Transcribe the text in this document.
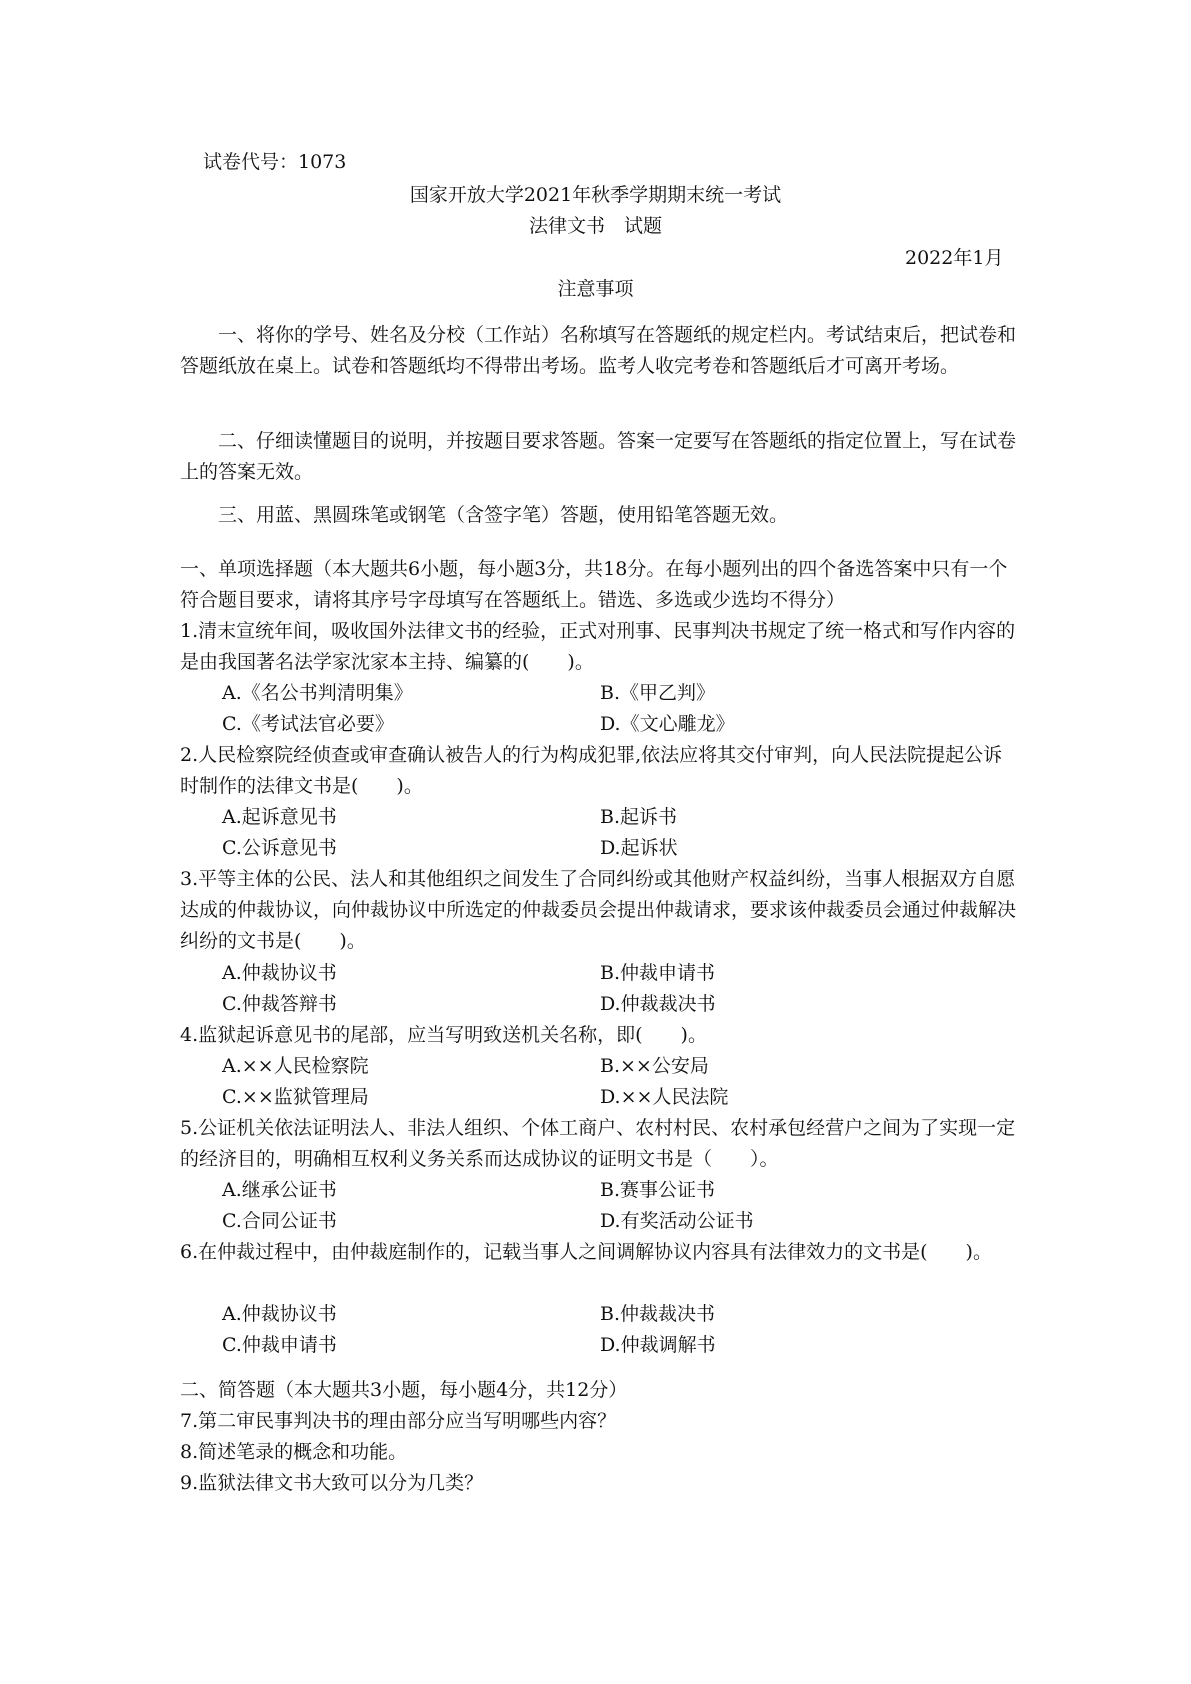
试卷代号：1073
国家开放大学2021年秋季学期期末统一考试
法律文书　试题
2022年1月
注意事项
一、将你的学号、姓名及分校（工作站）名称填写在答题纸的规定栏内。考试结束后，把试卷和答题纸放在桌上。试卷和答题纸均不得带出考场。监考人收完考卷和答题纸后才可离开考场。
二、仔细读懂题目的说明，并按题目要求答题。答案一定要写在答题纸的指定位置上，写在试卷上的答案无效。
三、用蓝、黑圆珠笔或钢笔（含签字笔）答题，使用铅笔答题无效。
一、单项选择题（本大题共6小题，每小题3分，共18分。在每小题列出的四个备选答案中只有一个符合题目要求，请将其序号字母填写在答题纸上。错选、多选或少选均不得分）
1.清末宣统年间，吸收国外法律文书的经验，正式对刑事、民事判决书规定了统一格式和写作内容的是由我国著名法学家沈家本主持、编纂的(　　)。
A.《名公书判清明集》	B.《甲乙判》
C.《考试法官必要》	D.《文心雕龙》
2.人民检察院经侦查或审查确认被告人的行为构成犯罪,依法应将其交付审判，向人民法院提起公诉时制作的法律文书是(　　)。
A.起诉意见书	B.起诉书
C.公诉意见书	D.起诉状
3.平等主体的公民、法人和其他组织之间发生了合同纠纷或其他财产权益纠纷，当事人根据双方自愿达成的仲裁协议，向仲裁协议中所选定的仲裁委员会提出仲裁请求，要求该仲裁委员会通过仲裁解决纠纷的文书是(　　)。
A.仲裁协议书	B.仲裁申请书
C.仲裁答辩书	D.仲裁裁决书
4.监狱起诉意见书的尾部，应当写明致送机关名称，即(　　)。
A.××人民检察院	B.××公安局
C.××监狱管理局	D.××人民法院
5.公证机关依法证明法人、非法人组织、个体工商户、农村村民、农村承包经营户之间为了实现一定的经济目的，明确相互权利义务关系而达成协议的证明文书是（　　）。
A.继承公证书	B.赛事公证书
C.合同公证书	D.有奖活动公证书
6.在仲裁过程中，由仲裁庭制作的，记载当事人之间调解协议内容具有法律效力的文书是(　　)。
A.仲裁协议书	B.仲裁裁决书
C.仲裁申请书	D.仲裁调解书
二、简答题（本大题共3小题，每小题4分，共12分）
7.第二审民事判决书的理由部分应当写明哪些内容？
8.简述笔录的概念和功能。
9.监狱法律文书大致可以分为几类？
